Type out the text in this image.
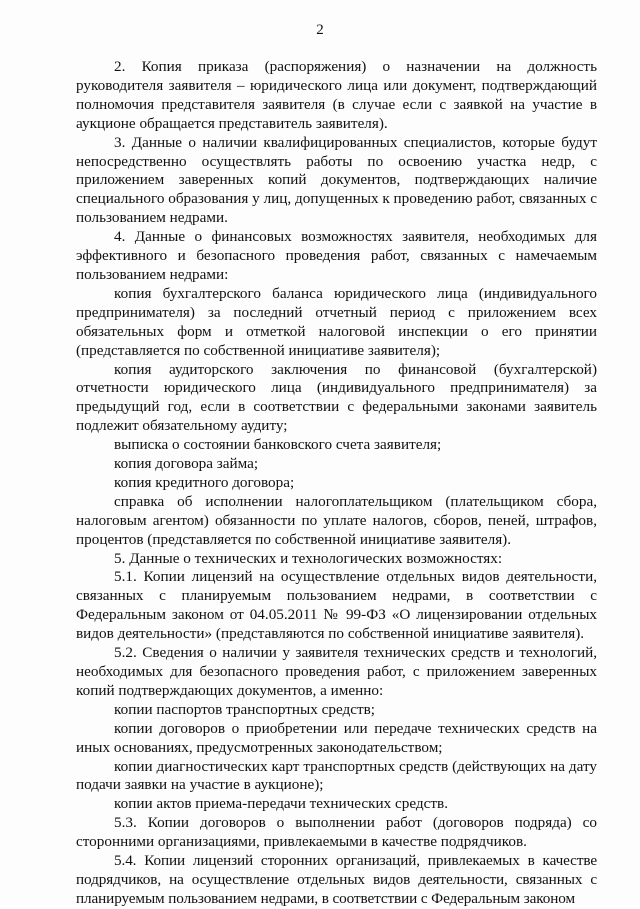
2

2. Копия приказа (распоряжения) о назначении на должность руководителя заявителя – юридического лица или документ, подтверждающий полномочия представителя заявителя (в случае если с заявкой на участие в аукционе обращается представитель заявителя).

3. Данные о наличии квалифицированных специалистов, которые будут непосредственно осуществлять работы по освоению участка недр, с приложением заверенных копий документов, подтверждающих наличие специального образования у лиц, допущенных к проведению работ, связанных с пользованием недрами.

4. Данные о финансовых возможностях заявителя, необходимых для эффективного и безопасного проведения работ, связанных с намечаемым пользованием недрами:

копия бухгалтерского баланса юридического лица (индивидуального предпринимателя) за последний отчетный период с приложением всех обязательных форм и отметкой налоговой инспекции о его принятии (представляется по собственной инициативе заявителя);

копия аудиторского заключения по финансовой (бухгалтерской) отчетности юридического лица (индивидуального предпринимателя) за предыдущий год, если в соответствии с федеральными законами заявитель подлежит обязательному аудиту;

выписка о состоянии банковского счета заявителя;

копия договора займа;

копия кредитного договора;

справка об исполнении налогоплательщиком (плательщиком сбора, налоговым агентом) обязанности по уплате налогов, сборов, пеней, штрафов, процентов (представляется по собственной инициативе заявителя).

5. Данные о технических и технологических возможностях:

5.1. Копии лицензий на осуществление отдельных видов деятельности, связанных с планируемым пользованием недрами, в соответствии с Федеральным законом от 04.05.2011 № 99-ФЗ «О лицензировании отдельных видов деятельности» (представляются по собственной инициативе заявителя).

5.2. Сведения о наличии у заявителя технических средств и технологий, необходимых для безопасного проведения работ, с приложением заверенных копий подтверждающих документов, а именно:

копии паспортов транспортных средств;

копии договоров о приобретении или передаче технических средств на иных основаниях, предусмотренных законодательством;

копии диагностических карт транспортных средств (действующих на дату подачи заявки на участие в аукционе);

копии актов приема-передачи технических средств.

5.3. Копии договоров о выполнении работ (договоров подряда) со сторонними организациями, привлекаемыми в качестве подрядчиков.

5.4. Копии лицензий сторонних организаций, привлекаемых в качестве подрядчиков, на осуществление отдельных видов деятельности, связанных с планируемым пользованием недрами, в соответствии с Федеральным законом
